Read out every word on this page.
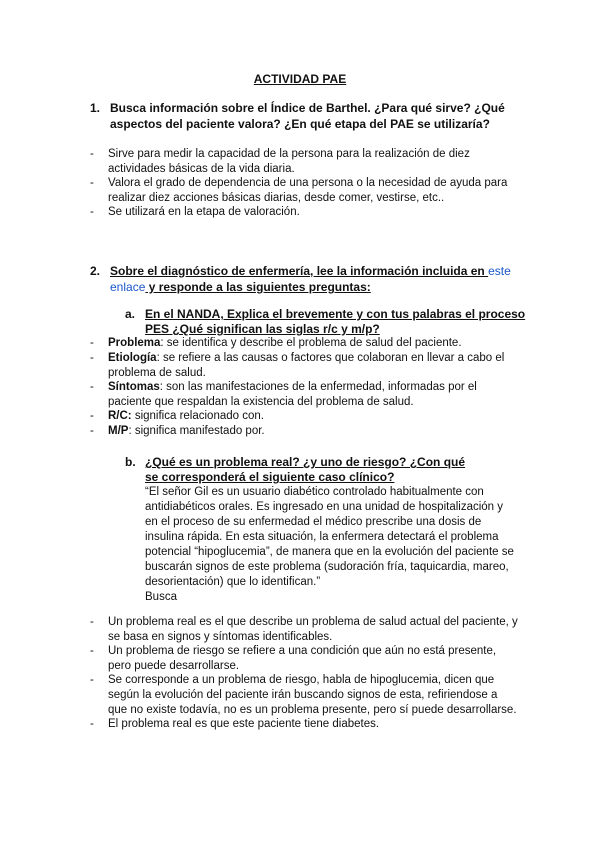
ACTIVIDAD PAE
1. Busca información sobre el Índice de Barthel. ¿Para qué sirve? ¿Qué aspectos del paciente valora? ¿En qué etapa del PAE se utilizaría?
- Sirve para medir la capacidad de la persona para la realización de diez actividades básicas de la vida diaria.
- Valora el grado de dependencia de una persona o la necesidad de ayuda para realizar diez acciones básicas diarias, desde comer, vestirse, etc..
- Se utilizará en la etapa de valoración.
2. Sobre el diagnóstico de enfermería, lee la información incluida en este enlace y responde a las siguientes preguntas:
a. En el NANDA, Explica el brevemente y con tus palabras el proceso PES ¿Qué significan las siglas r/c y m/p?
- Problema: se identifica y describe el problema de salud del paciente.
- Etiología: se refiere a las causas o factores que colaboran en llevar a cabo el problema de salud.
- Síntomas: son las manifestaciones de la enfermedad, informadas por el paciente que respaldan la existencia del problema de salud.
- R/C: significa relacionado con.
- M/P: significa manifestado por.
b. ¿Qué es un problema real? ¿y uno de riesgo? ¿Con qué se corresponderá el siguiente caso clínico?
“El señor Gil es un usuario diabético controlado habitualmente con antidiabéticos orales. Es ingresado en una unidad de hospitalización y en el proceso de su enfermedad el médico prescribe una dosis de insulina rápida. En esta situación, la enfermera detectará el problema potencial “hipoglucemia”, de manera que en la evolución del paciente se buscarán signos de este problema (sudoración fría, taquicardia, mareo, desorientación) que lo identifican.”
Busca
- Un problema real es el que describe un problema de salud actual del paciente, y se basa en signos y síntomas identificables.
- Un problema de riesgo se refiere a una condición que aún no está presente, pero puede desarrollarse.
- Se corresponde a un problema de riesgo, habla de hipoglucemia, dicen que según la evolución del paciente irán buscando signos de esta, refiriendose a que no existe todavía, no es un problema presente, pero sí puede desarrollarse.
- El problema real es que este paciente tiene diabetes.
